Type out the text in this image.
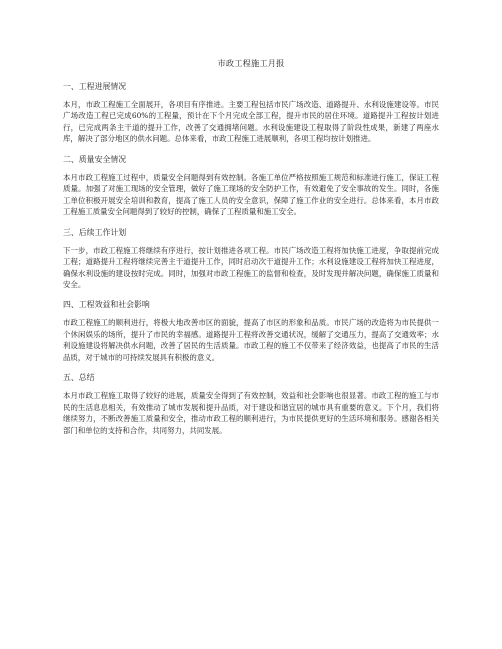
市政工程施工月报
一、工程进展情况

本月，市政工程施工全面展开，各项目有序推进。主要工程包括市民广场改造、道路提升、水利设施建设等。市民广场改造工程已完成60%的工程量，预计在下个月完成全部工程，提升市民的居住环境。道路提升工程按计划进行，已完成两条主干道的提升工作，改善了交通拥堵问题。水利设施建设工程取得了阶段性成果，新建了两座水库，解决了部分地区的供水问题。总体来看，市政工程施工进展顺利，各项工程均按计划推进。

二、质量安全情况

本月市政工程施工过程中，质量安全问题得到有效控制。各施工单位严格按照施工规范和标准进行施工，保证工程质量。加强了对施工现场的安全管理，做好了施工现场的安全防护工作，有效避免了安全事故的发生。同时，各施工单位积极开展安全培训和教育，提高了施工人员的安全意识，保障了施工作业的安全进行。总体来看，本月市政工程施工质量安全问题得到了较好的控制，确保了工程质量和施工安全。

三、后续工作计划

下一步，市政工程施工将继续有序进行，按计划推进各项工程。市民广场改造工程将加快施工进度，争取提前完成工程；道路提升工程将继续完善主干道提升工作，同时启动次干道提升工作；水利设施建设工程将加快工程进度，确保水利设施的建设按时完成。同时，加强对市政工程施工的监督和检查，及时发现并解决问题，确保施工质量和安全。

四、工程效益和社会影响

市政工程施工的顺利进行，将极大地改善市区的面貌，提高了市区的形象和品质。市民广场的改造将为市民提供一个休闲娱乐的场所，提升了市民的幸福感。道路提升工程将改善交通状况，缓解了交通压力，提高了交通效率；水利设施建设将解决供水问题，改善了居民的生活质量。市政工程的施工不仅带来了经济效益，也提高了市民的生活品质，对于城市的可持续发展具有积极的意义。

五、总结

本月市政工程施工取得了较好的进展，质量安全得到了有效控制，效益和社会影响也很显著。市政工程的施工与市民的生活息息相关，有效推动了城市发展和提升品质，对于建设和谐宜居的城市具有重要的意义。下个月，我们将继续努力，不断改善施工质量和安全，推动市政工程的顺利进行，为市民提供更好的生活环境和服务。感谢各相关部门和单位的支持和合作，共同努力，共同发展。
